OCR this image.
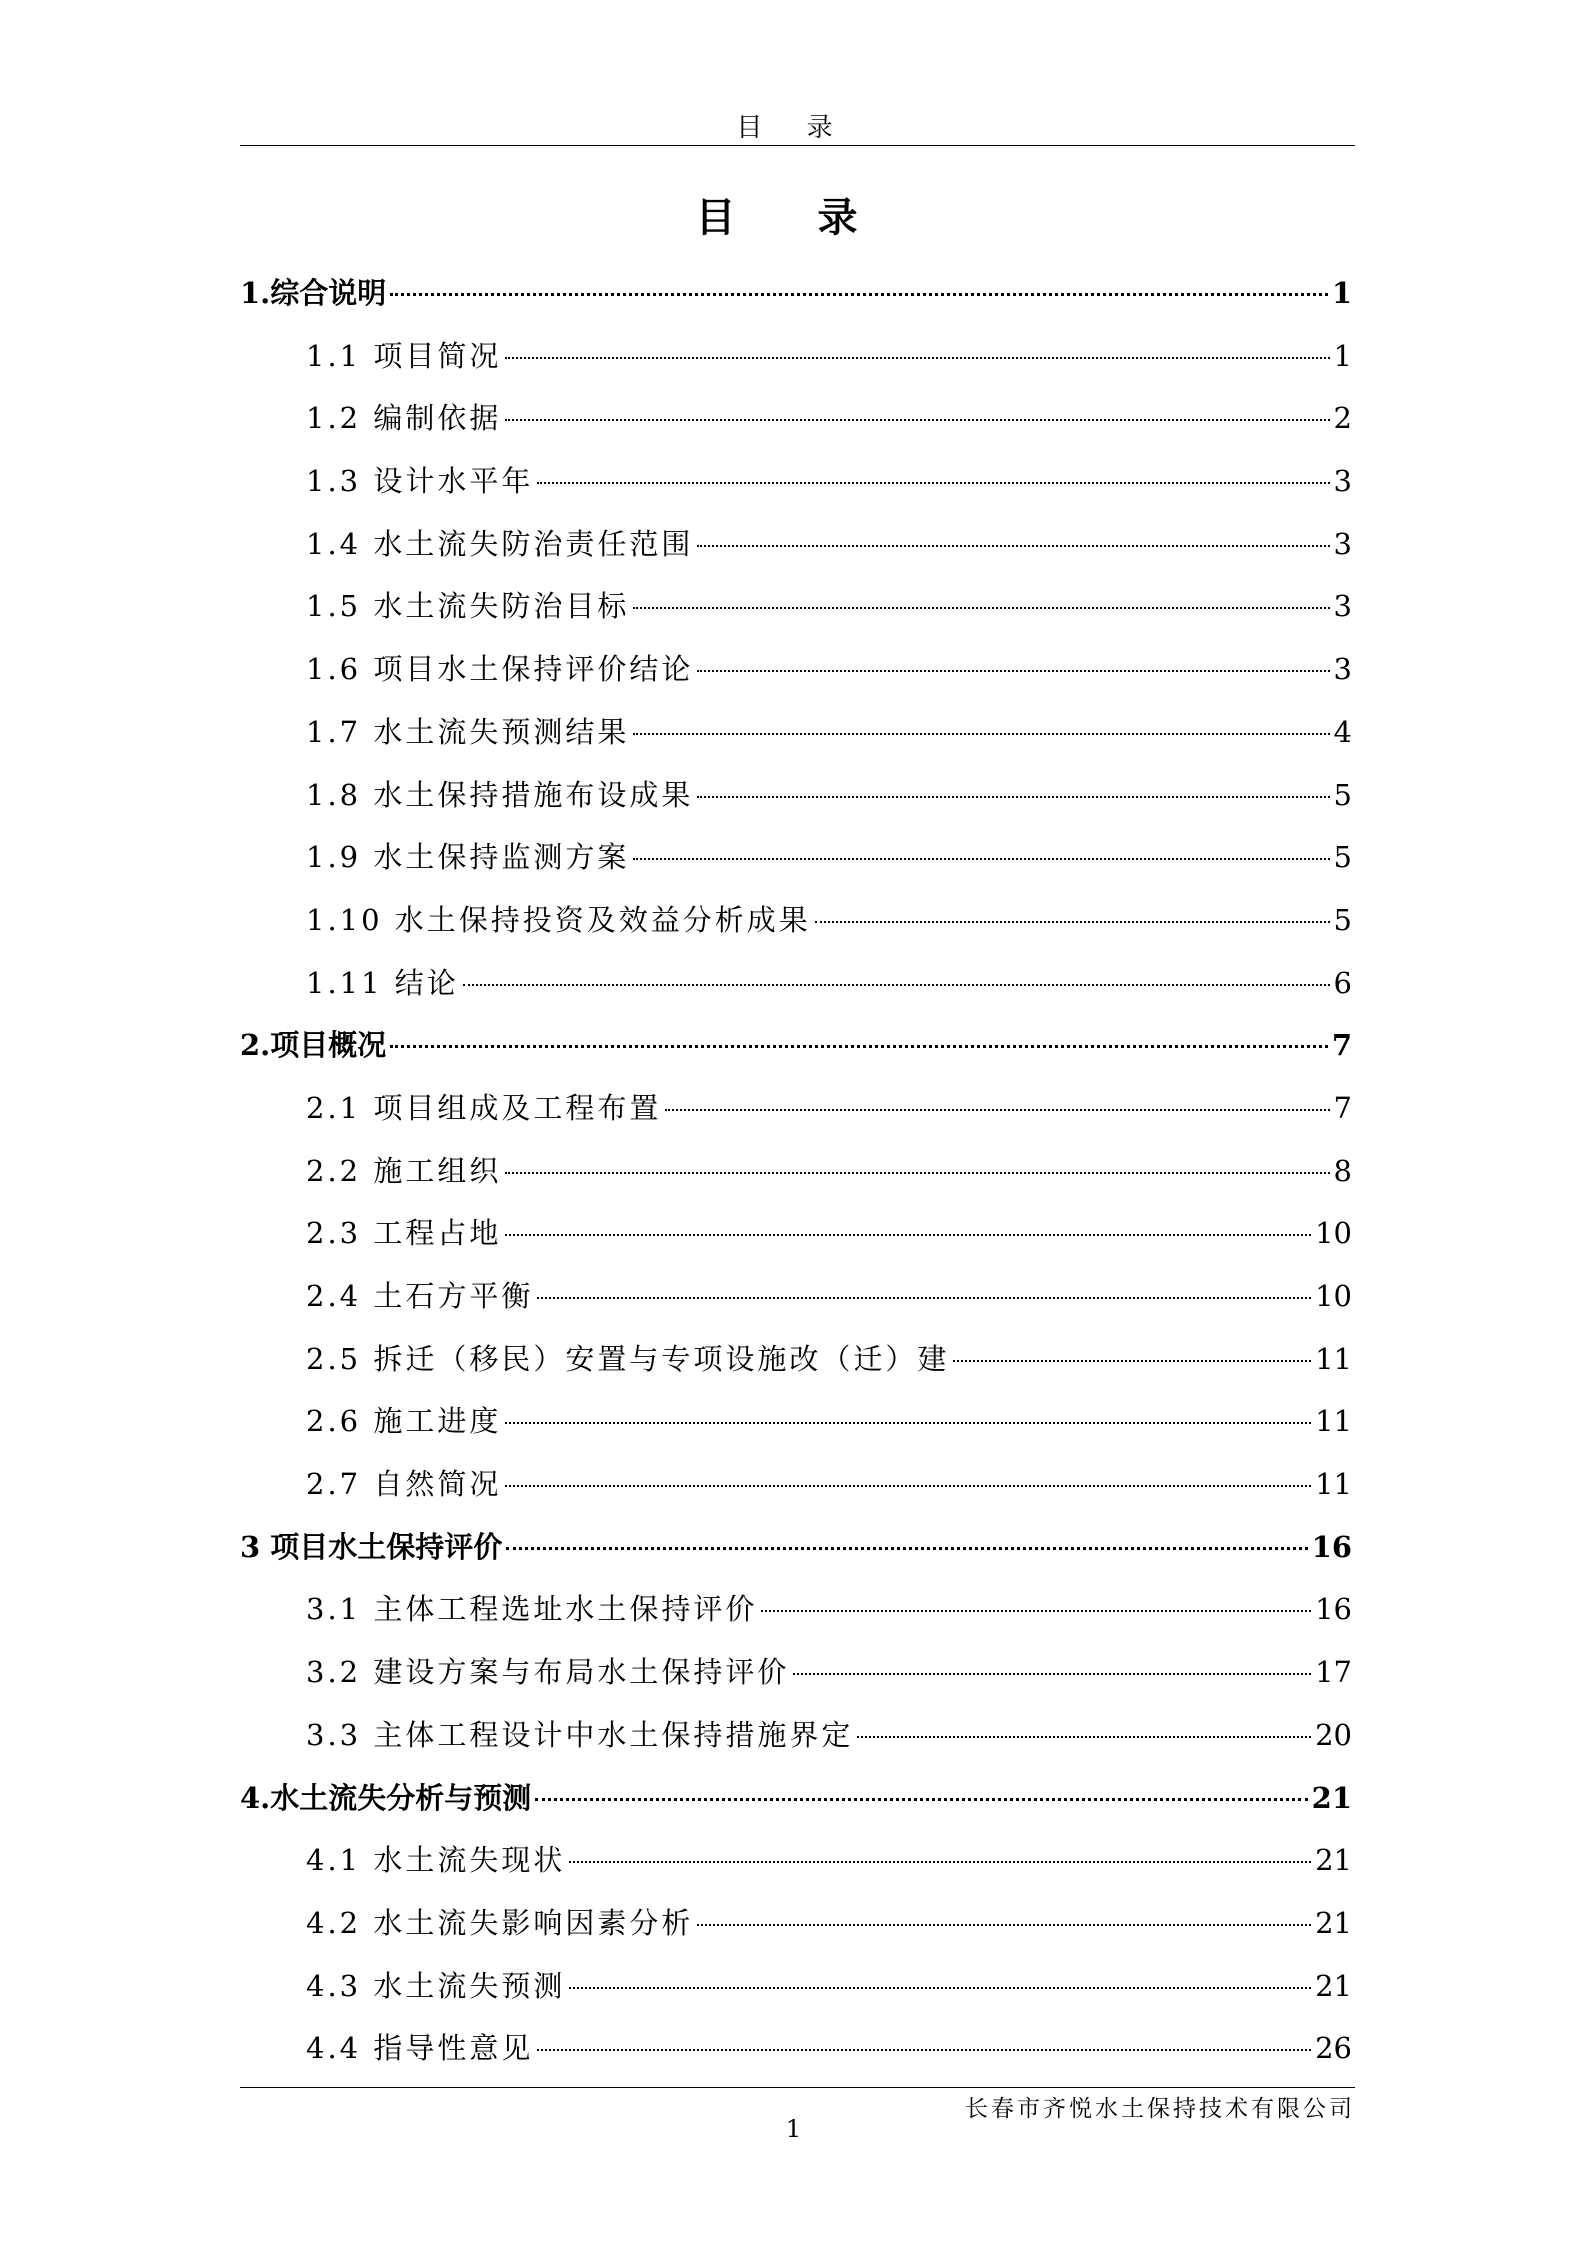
目 录
目 录
1.综合说明	1
1.1 项目简况	1
1.2 编制依据	2
1.3 设计水平年	3
1.4 水土流失防治责任范围	3
1.5 水土流失防治目标	3
1.6 项目水土保持评价结论	3
1.7 水土流失预测结果	4
1.8 水土保持措施布设成果	5
1.9 水土保持监测方案	5
1.10 水土保持投资及效益分析成果	5
1.11 结论	6
2.项目概况	7
2.1 项目组成及工程布置	7
2.2 施工组织	8
2.3 工程占地	10
2.4 土石方平衡	10
2.5 拆迁（移民）安置与专项设施改（迁）建	11
2.6 施工进度	11
2.7 自然简况	11
3 项目水土保持评价	16
3.1 主体工程选址水土保持评价	16
3.2 建设方案与布局水土保持评价	17
3.3 主体工程设计中水土保持措施界定	20
4.水土流失分析与预测	21
4.1 水土流失现状	21
4.2 水土流失影响因素分析	21
4.3 水土流失预测	21
4.4 指导性意见	26
长春市齐悦水土保持技术有限公司
1
